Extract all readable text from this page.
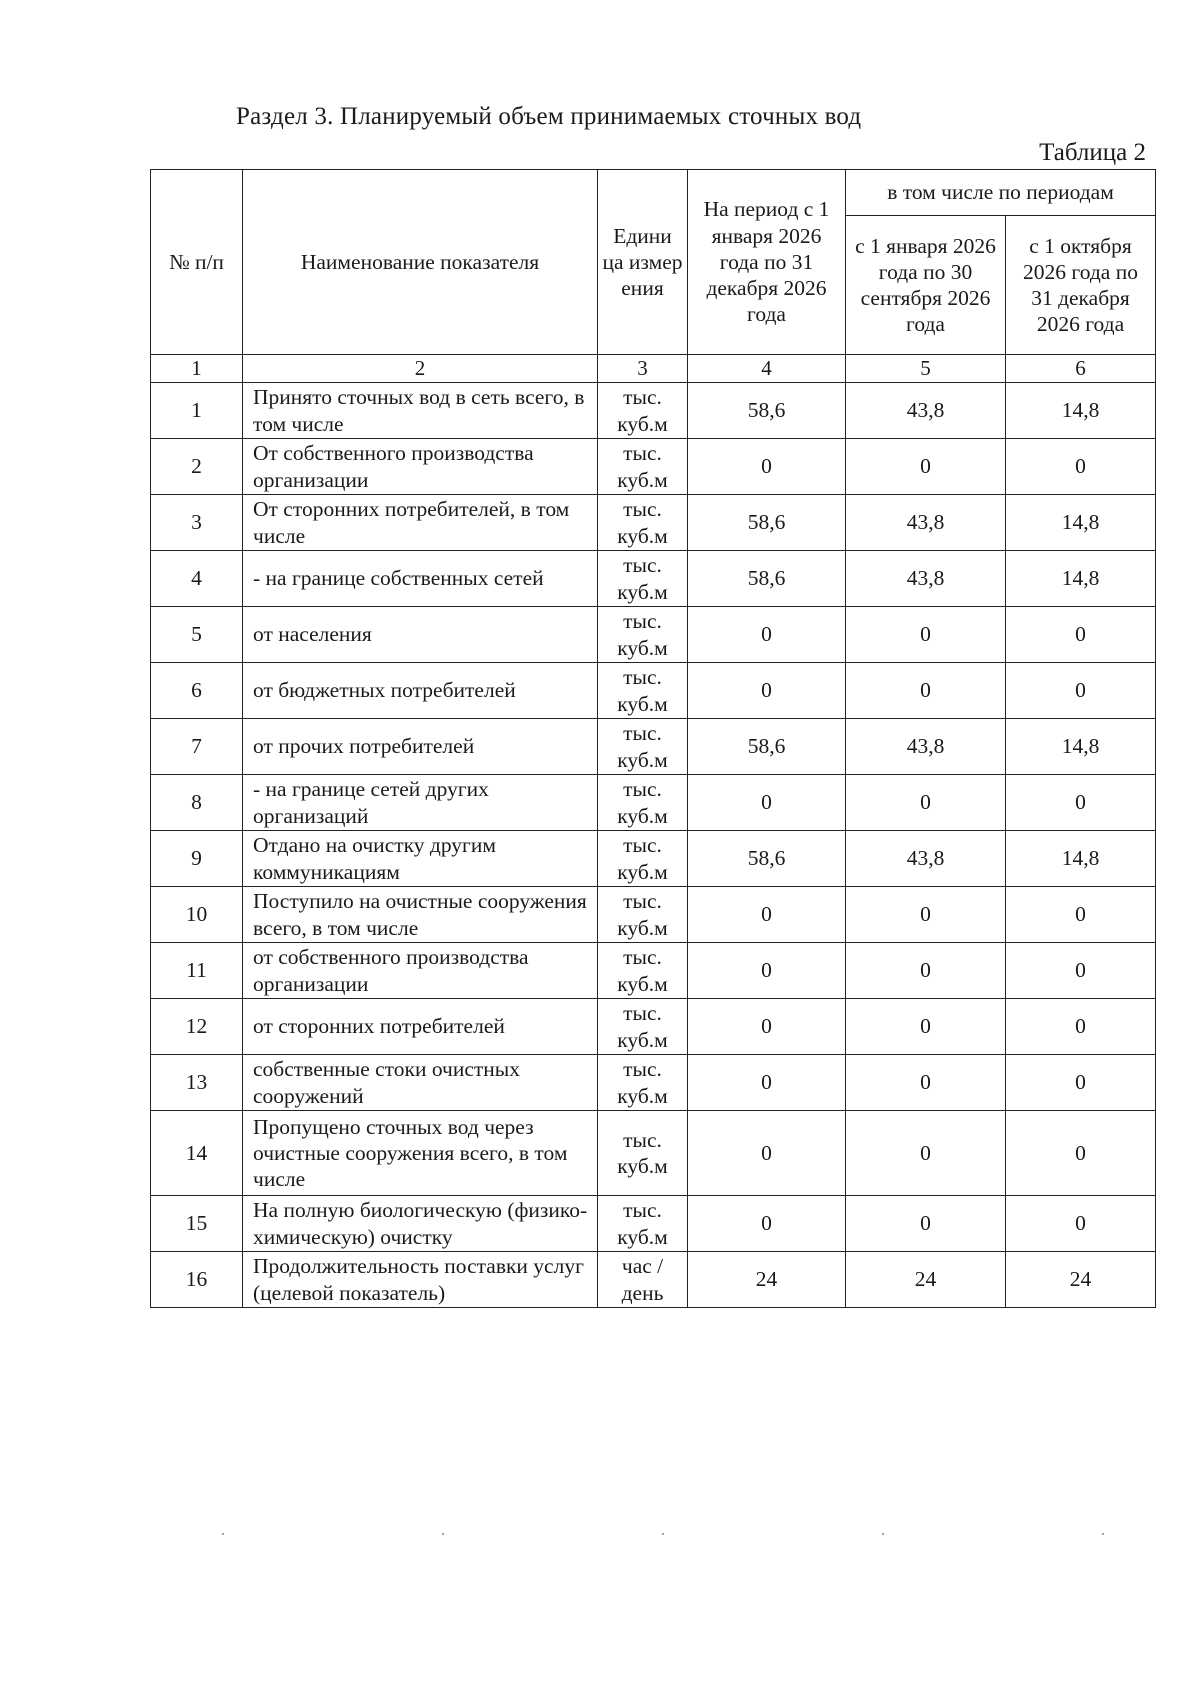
Раздел 3. Планируемый объем принимаемых сточных вод
Таблица 2
№ п/п	Наименование показателя	Едини ца измер ения	На период с 1 января 2026 года по 31 декабря 2026 года	в том числе по периодам	
				с 1 января 2026 года по 30 сентября 2026 года	с 1 октября 2026 года по 31 декабря 2026 года
1	2	3	4	5	6
1	Принято сточных вод в сеть всего, в том числе	тыс. куб.м	58,6	43,8	14,8
2	От собственного производства организации	тыс. куб.м	0	0	0
3	От сторонних потребителей, в том числе	тыс. куб.м	58,6	43,8	14,8
4	- на границе собственных сетей	тыс. куб.м	58,6	43,8	14,8
5	от населения	тыс. куб.м	0	0	0
6	от бюджетных потребителей	тыс. куб.м	0	0	0
7	от прочих потребителей	тыс. куб.м	58,6	43,8	14,8
8	- на границе сетей других организаций	тыс. куб.м	0	0	0
9	Отдано на очистку другим коммуникациям	тыс. куб.м	58,6	43,8	14,8
10	Поступило на очистные сооружения всего, в том числе	тыс. куб.м	0	0	0
11	от собственного производства организации	тыс. куб.м	0	0	0
12	от сторонних потребителей	тыс. куб.м	0	0	0
13	собственные стоки очистных сооружений	тыс. куб.м	0	0	0
14	Пропущено сточных вод через очистные сооружения всего, в том числе	тыс. куб.м	0	0	0
15	На полную биологическую (физико-химическую) очистку	тыс. куб.м	0	0	0
16	Продолжительность поставки услуг (целевой показатель)	час /день	24	24	24
